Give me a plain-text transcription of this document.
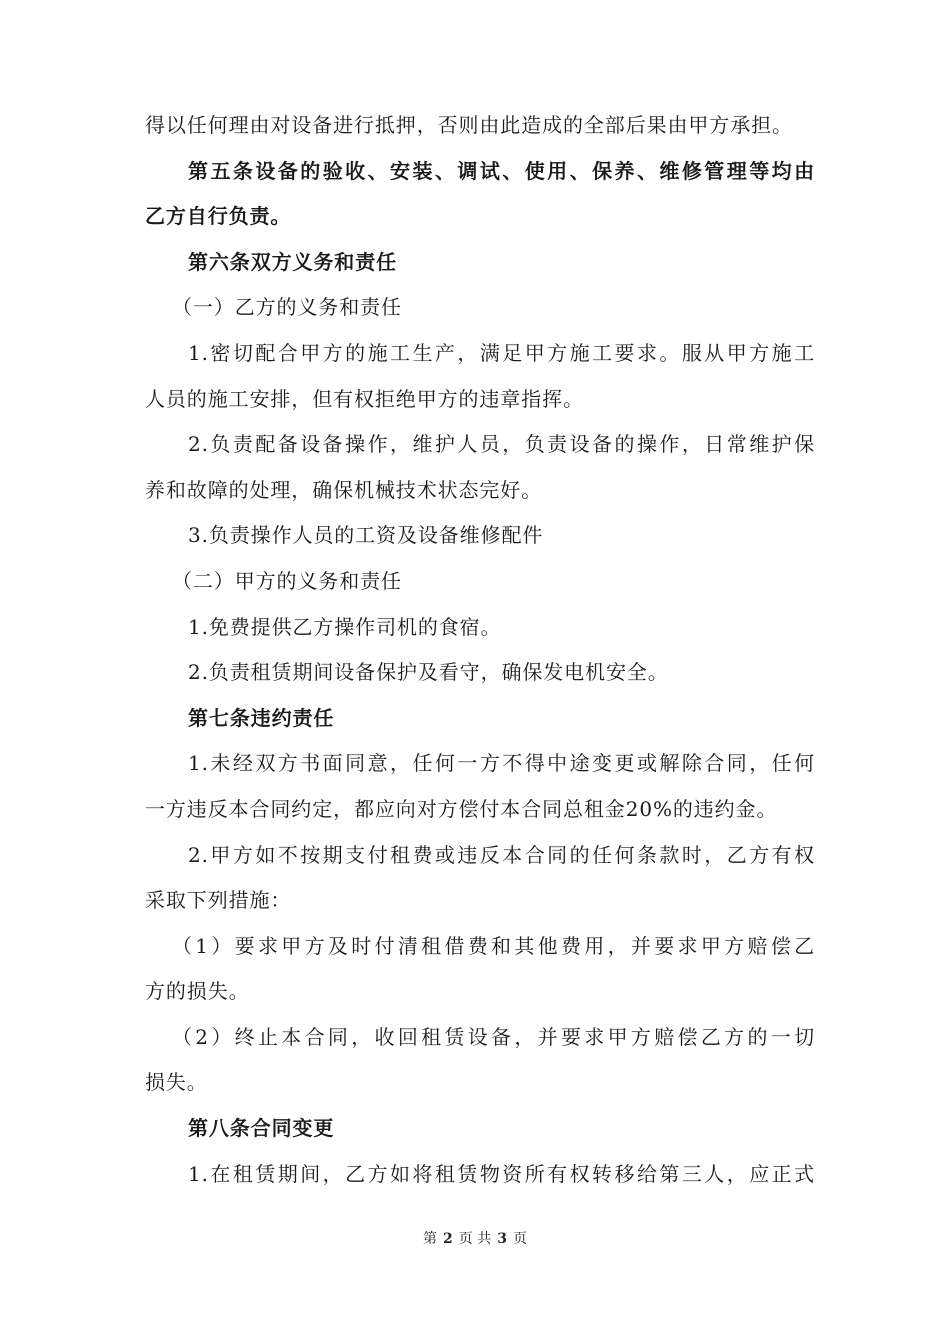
得以任何理由对设备进行抵押，否则由此造成的全部后果由甲方承担。
第五条设备的验收、安装、调试、使用、保养、维修管理等均由
乙方自行负责。
第六条双方义务和责任
（一）乙方的义务和责任
1.密切配合甲方的施工生产，满足甲方施工要求。服从甲方施工
人员的施工安排，但有权拒绝甲方的违章指挥。
2.负责配备设备操作，维护人员，负责设备的操作，日常维护保
养和故障的处理，确保机械技术状态完好。
3.负责操作人员的工资及设备维修配件
（二）甲方的义务和责任
1.免费提供乙方操作司机的食宿。
2.负责租赁期间设备保护及看守，确保发电机安全。
第七条违约责任
1.未经双方书面同意，任何一方不得中途变更或解除合同，任何
一方违反本合同约定，都应向对方偿付本合同总租金20%的违约金。
2.甲方如不按期支付租费或违反本合同的任何条款时，乙方有权
采取下列措施：
（1）要求甲方及时付清租借费和其他费用，并要求甲方赔偿乙
方的损失。
（2）终止本合同，收回租赁设备，并要求甲方赔偿乙方的一切
损失。
第八条合同变更
1.在租赁期间，乙方如将租赁物资所有权转移给第三人，应正式
第 2 页 共 3 页
